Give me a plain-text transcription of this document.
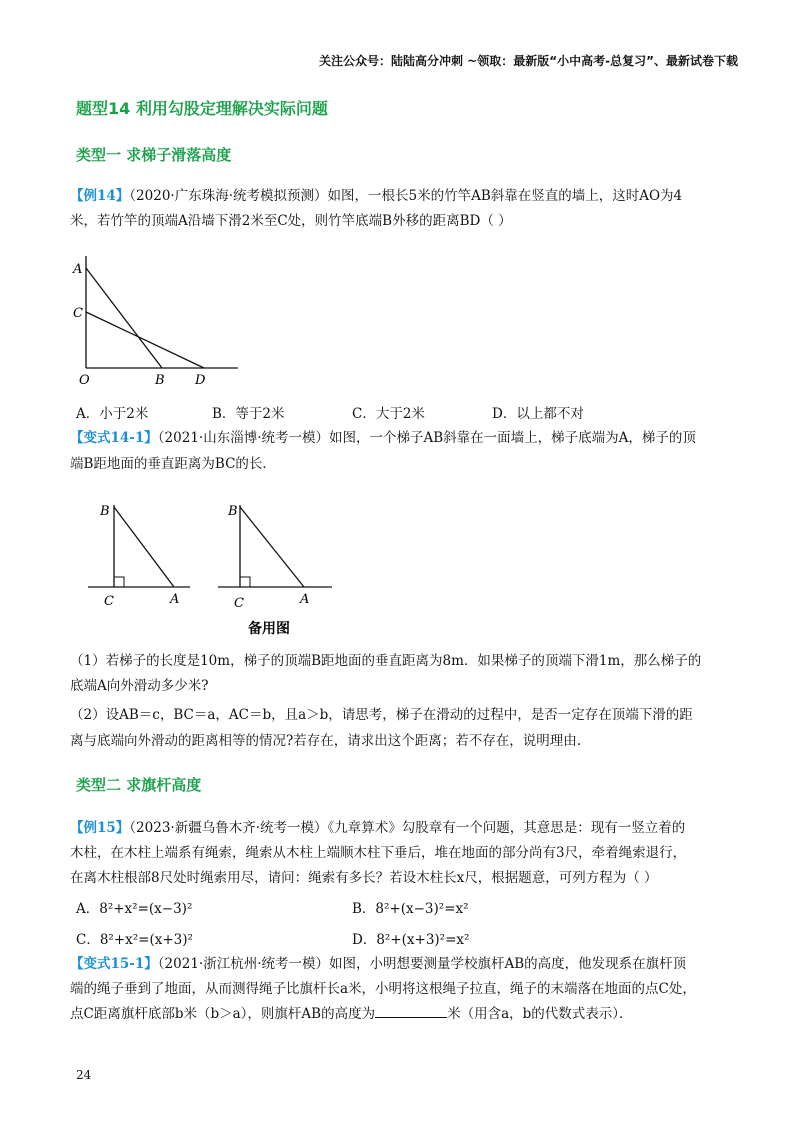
关注公众号：陆陆高分冲刺 ~领取：最新版“小中高考-总复习”、最新试卷下载
题型14 利用勾股定理解决实际问题
类型一 求梯子滑落高度
【例14】（2020·广东珠海·统考模拟预测）如图，一根长5米的竹竿AB斜靠在竖直的墙上，这时AO为4
米，若竹竿的顶端A沿墙下滑2米至C处，则竹竿底端B外移的距离BD（ ）
A
C
O	B D
A．小于2米	B．等于2米	C．大于2米	D．以上都不对
【变式14-1】（2021·山东淄博·统考一模）如图，一个梯子AB斜靠在一面墙上，梯子底端为A，梯子的顶
端B距地面的垂直距离为BC的长．
B
C	A
B
C	A
备用图
（1）若梯子的长度是10m，梯子的顶端B距地面的垂直距离为8m．如果梯子的顶端下滑1m，那么梯子的
底端A向外滑动多少米?
（2）设AB＝c，BC＝a，AC＝b，且a＞b，请思考，梯子在滑动的过程中，是否一定存在顶端下滑的距
离与底端向外滑动的距离相等的情况?若存在，请求出这个距离；若不存在，说明理由.
类型二 求旗杆高度
【例15】（2023·新疆乌鲁木齐·统考一模）《九章算术》勾股章有一个问题，其意思是：现有一竖立着的
木柱，在木柱上端系有绳索，绳索从木柱上端顺木柱下垂后，堆在地面的部分尚有3尺，牵着绳索退行，
在离木柱根部8尺处时绳索用尽，请问：绳索有多长？若设木柱长x尺，根据题意，可列方程为（ ）
A．8²+x²=(x−3)²	B．8²+(x−3)²=x²
C．8²+x²=(x+3)²	D．8²+(x+3)²=x²
【变式15-1】（2021·浙江杭州·统考一模）如图，小明想要测量学校旗杆AB的高度，他发现系在旗杆顶
端的绳子垂到了地面，从而测得绳子比旗杆长a米，小明将这根绳子拉直，绳子的末端落在地面的点C处，
点C距离旗杆底部b米（b＞a），则旗杆AB的高度为	米（用含a，b的代数式表示）．
24
